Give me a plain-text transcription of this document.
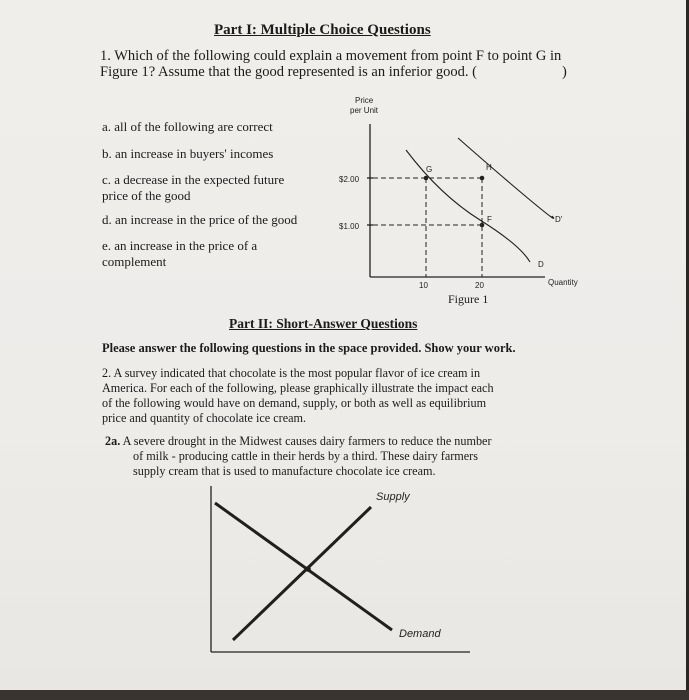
Part I: Multiple Choice Questions
1. Which of the following could explain a movement from point F to point G in
Figure 1? Assume that the good represented is an inferior good. (	)
a. all of the following are correct
b. an increase in buyers' incomes
c. a decrease in the expected future
price of the good
d. an increase in the price of the good
e. an increase in the price of a
complement
Price
per Unit
$2.00
$1.00
G	H
F
D
D'
10	20	Quantity
Figure 1
Part II: Short-Answer Questions
Please answer the following questions in the space provided. Show your work.
2. A survey indicated that chocolate is the most popular flavor of ice cream in
America. For each of the following, please graphically illustrate the impact each
of the following would have on demand, supply, or both as well as equilibrium
price and quantity of chocolate ice cream.
2a. A severe drought in the Midwest causes dairy farmers to reduce the number
of milk - producing cattle in their herds by a third. These dairy farmers
supply cream that is used to manufacture chocolate ice cream.
Supply
Demand
